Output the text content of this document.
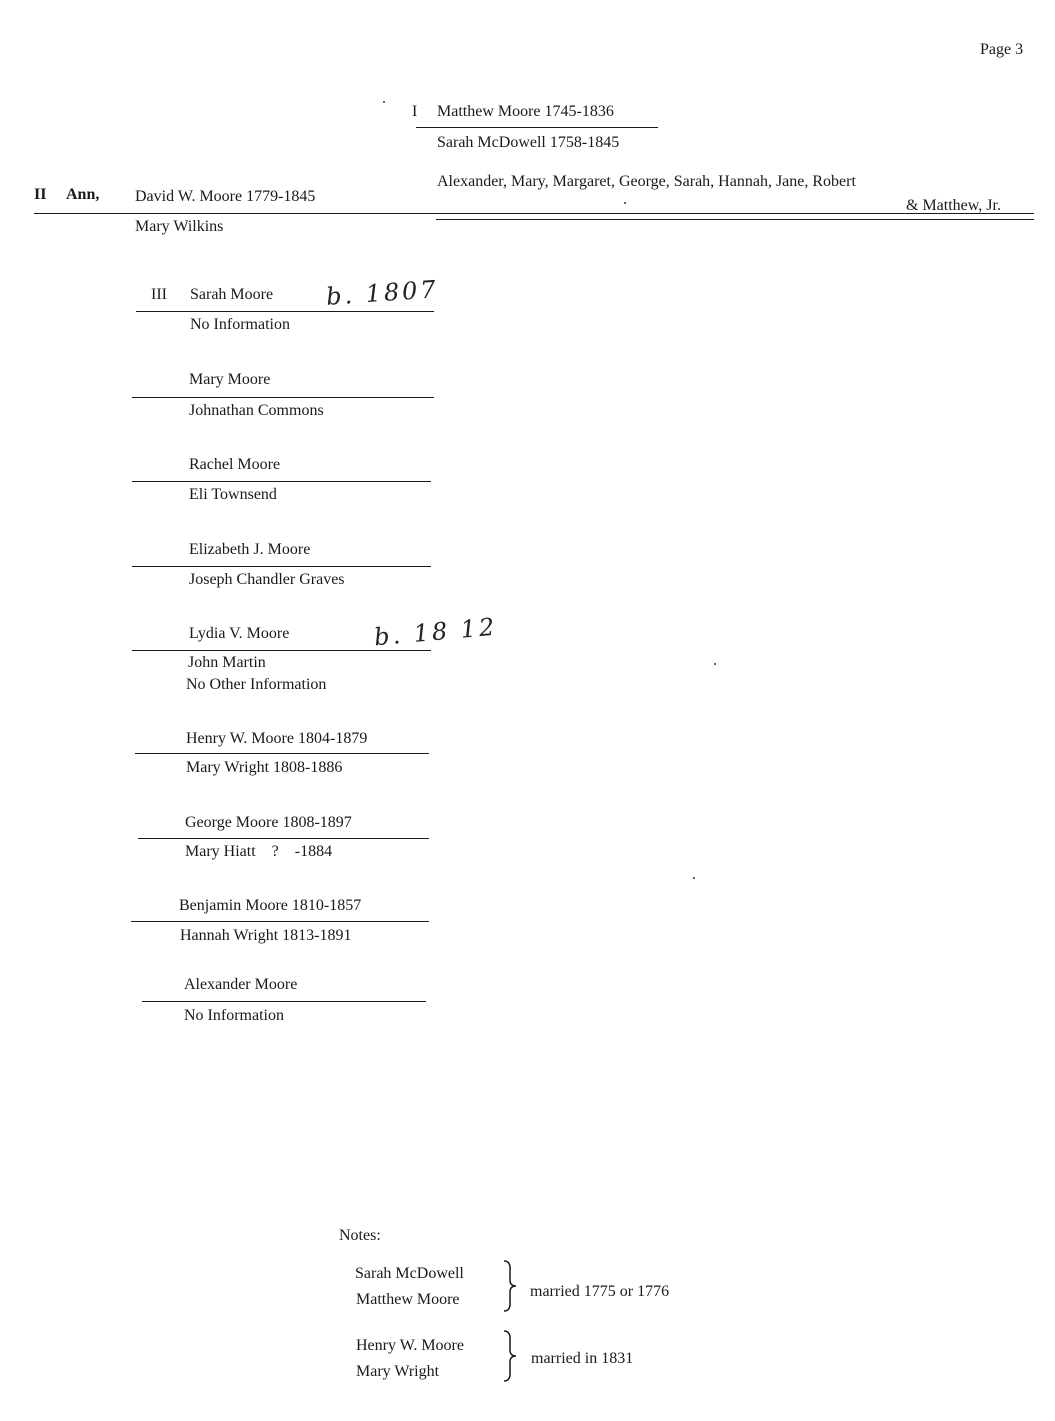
Page 3
I Matthew Moore 1745-1836
Sarah McDowell 1758-1845
Alexander, Mary, Margaret, George, Sarah, Hannah, Jane, Robert
& Matthew, Jr.
II Ann, David W. Moore 1779-1845
Mary Wilkins
III Sarah Moore b. 1807
No Information
Mary Moore
Johnathan Commons
Rachel Moore
Eli Townsend
Elizabeth J. Moore
Joseph Chandler Graves
Lydia V. Moore	b. 18 12
John Martin
No Other Information
Henry W. Moore 1804-1879
Mary Wright 1808-1886
George Moore 1808-1897
Mary Hiatt    ?    -1884
Benjamin Moore 1810-1857
Hannah Wright 1813-1891
Alexander Moore
No Information
Notes:
Sarah McDowell
Matthew Moore	married 1775 or 1776
Henry W. Moore
Mary Wright
married in 1831
